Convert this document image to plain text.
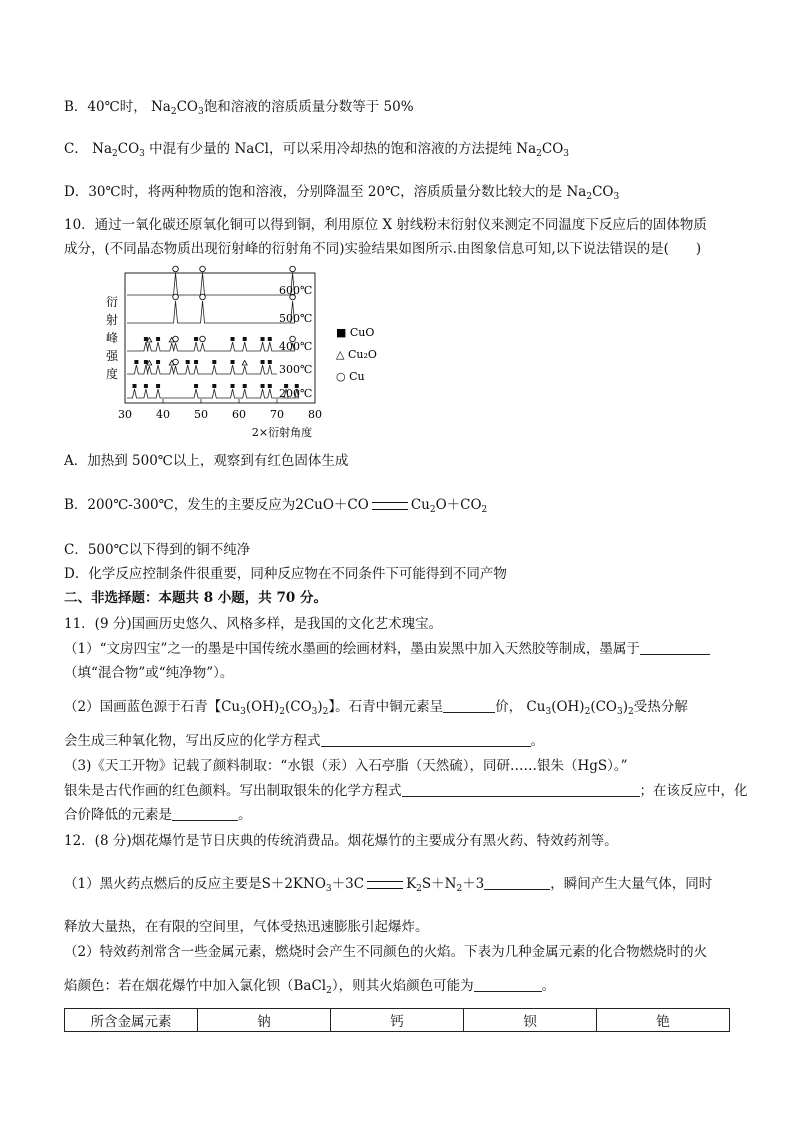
B．40℃时， $Na_2CO_3$饱和溶液的溶质质量分数等于 50%
C． $Na_2CO_3$ 中混有少量的 NaCl，可以采用冷却热的饱和溶液的方法提纯 $Na_2CO_3$
D．30℃时，将两种物质的饱和溶液，分别降温至 20℃，溶质质量分数比较大的是 $Na_2CO_3$
10．通过一氧化碳还原氧化铜可以得到铜，利用原位 X 射线粉末衍射仪来测定不同温度下反应后的固体物质
成分，(不同晶态物质出现衍射峰的衍射角不同)实验结果如图所示.由图象信息可知,以下说法错误的是(　　)
衍
射
峰
强
度
600℃
500℃
400℃
300℃
200℃
30 40 50 60 70 80
2×衍射角度
■ CuO
△ Cu₂O
○ Cu
A．加热到 500℃以上，观察到有红色固体生成
B．200℃-300℃，发生的主要反应为2CuO＋CO	$Cu_2O+CO_2$
C．500℃以下得到的铜不纯净
D．化学反应控制条件很重要，同种反应物在不同条件下可能得到不同产物
二、非选择题：本题共 8 小题，共 70 分。
11．(9 分)国画历史悠久、风格多样，是我国的文化艺术瑰宝。
（1）“文房四宝”之一的墨是中国传统水墨画的绘画材料，墨由炭黑中加入天然胶等制成，墨属于
（填“混合物”或“纯净物”）。
（2）国画蓝色源于石青【$Cu_3(OH)_2(CO_3)_2$】。石青中铜元素呈	价， $Cu_3(OH)_2(CO_3)_2$受热分解
会生成三种氧化物，写出反应的化学方程式	。
（3)《天工开物》记载了颜料制取：“水银（汞）入石亭脂（天然硫），同研……银朱（HgS）。”
银朱是古代作画的红色颜料。写出制取银朱的化学方程式	；在该反应中，化
合价降低的元素是	。
12．(8 分)烟花爆竹是节日庆典的传统消费品。烟花爆竹的主要成分有黑火药、特效药剂等。
（1）黑火药点燃后的反应主要是$S+2KNO_3+3C$	$K_2S+N_2+3$	，瞬间产生大量气体，同时
释放大量热，在有限的空间里，气体受热迅速膨胀引起爆炸。
（2）特效药剂常含一些金属元素，燃烧时会产生不同颜色的火焰。下表为几种金属元素的化合物燃烧时的火
焰颜色：若在烟花爆竹中加入氯化钡（BaCl$_2$），则其火焰颜色可能为	。
所含金属元素	钠	钙	钡	铯
